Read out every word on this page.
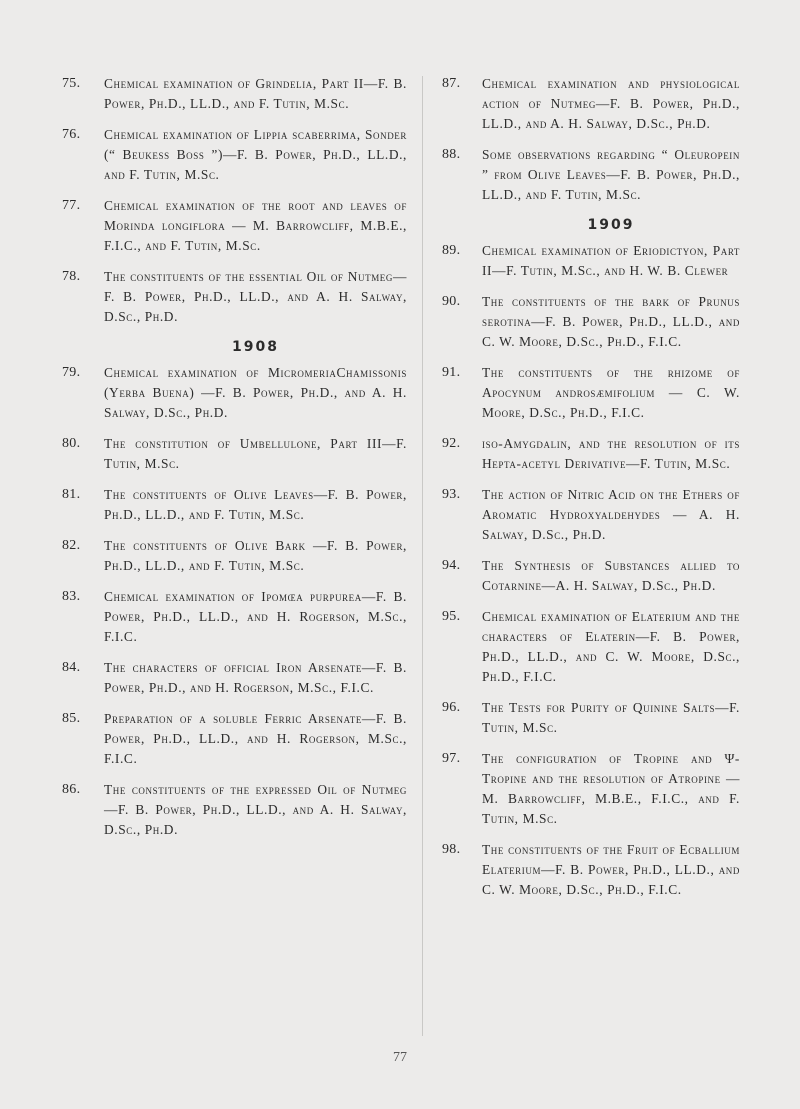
75.	Chemical examination of Grindelia, Part II—F. B. Power, Ph.D., LL.D., and F. Tutin, M.Sc.
76.	Chemical examination of Lippia scaberrima, Sonder (“ Beukess Boss ”)—F. B. Power, Ph.D., LL.D., and F. Tutin, M.Sc.
77.	Chemical examination of the root and leaves of Morinda longiflora — M. Barrowcliff, M.B.E., F.I.C., and F. Tutin, M.Sc.
78.	The constituents of the essential Oil of Nutmeg—F. B. Power, Ph.D., LL.D., and A. H. Salway, D.Sc., Ph.D.
1908
79.	Chemical examination of MicromeriaChamissonis (Yerba Buena) —F. B. Power, Ph.D., and A. H. Salway, D.Sc., Ph.D.
80.	The constitution of Umbellulone, Part III—F. Tutin, M.Sc.
81.	The constituents of Olive Leaves—F. B. Power, Ph.D., LL.D., and F. Tutin, M.Sc.
82.	The constituents of Olive Bark —F. B. Power, Ph.D., LL.D., and F. Tutin, M.Sc.
83.	Chemical examination of Ipomœa purpurea—F. B. Power, Ph.D., LL.D., and H. Rogerson, M.Sc., F.I.C.
84.	The characters of official Iron Arsenate—F. B. Power, Ph.D., and H. Rogerson, M.Sc., F.I.C.
85.	Preparation of a soluble Ferric Arsenate—F. B. Power, Ph.D., LL.D., and H. Rogerson, M.Sc., F.I.C.
86.	The constituents of the expressed Oil of Nutmeg —F. B. Power, Ph.D., LL.D., and A. H. Salway, D.Sc., Ph.D.
87.	Chemical examination and physiological action of Nutmeg—F. B. Power, Ph.D., LL.D., and A. H. Salway, D.Sc., Ph.D.
88.	Some observations regarding “ Oleuropein ” from Olive Leaves—F. B. Power, Ph.D., LL.D., and F. Tutin, M.Sc.
1909
89.	Chemical examination of Eriodictyon, Part II—F. Tutin, M.Sc., and H. W. B. Clewer
90.	The constituents of the bark of Prunus serotina—F. B. Power, Ph.D., LL.D., and C. W. Moore, D.Sc., Ph.D., F.I.C.
91.	The constituents of the rhizome of Apocynum androsæmifolium — C. W. Moore, D.Sc., Ph.D., F.I.C.
92.	iso-Amygdalin, and the resolution of its Hepta-acetyl Derivative—F. Tutin, M.Sc.
93.	The action of Nitric Acid on the Ethers of Aromatic Hydroxyaldehydes — A. H. Salway, D.Sc., Ph.D.
94.	The Synthesis of Substances allied to Cotarnine—A. H. Salway, D.Sc., Ph.D.
95.	Chemical examination of Elaterium and the characters of Elaterin—F. B. Power, Ph.D., LL.D., and C. W. Moore, D.Sc., Ph.D., F.I.C.
96.	The Tests for Purity of Quinine Salts—F. Tutin, M.Sc.
97.	The configuration of Tropine and Ψ-Tropine and the resolution of Atropine — M. Barrowcliff, M.B.E., F.I.C., and F. Tutin, M.Sc.
98.	The constituents of the Fruit of Ecballium Elaterium—F. B. Power, Ph.D., LL.D., and C. W. Moore, D.Sc., Ph.D., F.I.C.
77
